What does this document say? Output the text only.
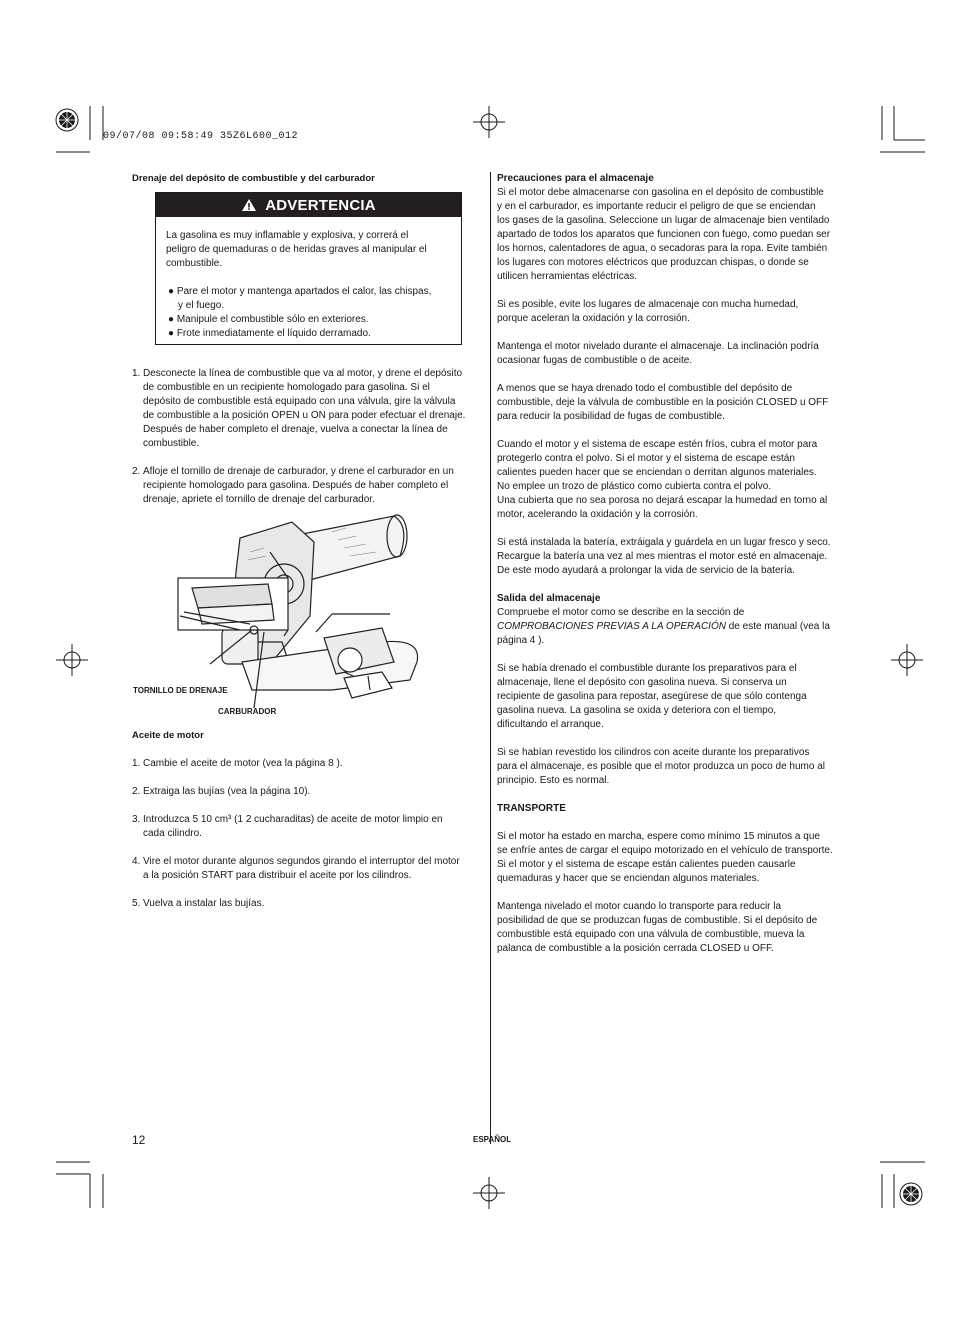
09/07/08 09:58:49 35Z6L600_012
Drenaje del depósito de combustible y del carburador
ADVERTENCIA

La gasolina es muy inflamable y explosiva, y correrá el

peligro de quemaduras o de heridas graves al manipular el

combustible.

● Pare el motor y mantenga apartados el calor, las chispas,

y el fuego.

● Manipule el combustible sólo en exteriores.

● Frote inmediatamente el líquido derramado.

1. Desconecte la línea de combustible que va al motor, y drene el depósito

de combustible en un recipiente homologado para gasolina. Si el

depósito de combustible está equipado con una válvula, gire la válvula

de combustible a la posición OPEN u ON para poder efectuar el drenaje.

Después de haber completo el drenaje, vuelva a conectar la línea de

combustible.

2. Afloje el tornillo de drenaje de carburador, y drene el carburador en un

recipiente homologado para gasolina. Después de haber completo el

drenaje, apriete el tornillo de drenaje del carburador.

TORNILLO DE DRENAJE
CARBURADOR
Aceite de motor
1. Cambie el aceite de motor (vea la página 8 ).

2. Extraiga las bujías (vea la página 10).

3. Introduzca 5 10 cm³ (1 2 cucharaditas) de aceite de motor limpio en

cada cilindro.

4. Vire el motor durante algunos segundos girando el interruptor del motor

a la posición START para distribuir el aceite por los cilindros.

5. Vuelva a instalar las bujías.

Precauciones para el almacenaje

Si el motor debe almacenarse con gasolina en el depósito de combustible

y en el carburador, es importante reducir el peligro de que se enciendan

los gases de la gasolina. Seleccione un lugar de almacenaje bien ventilado

apartado de todos los aparatos que funcionen con fuego, como puedan ser

los hornos, calentadores de agua, o secadoras para la ropa. Evite también

los lugares con motores eléctricos que produzcan chispas, o donde se

utilicen herramientas eléctricas.

Si es posible, evite los lugares de almacenaje con mucha humedad,

porque aceleran la oxidación y la corrosión.

Mantenga el motor nivelado durante el almacenaje. La inclinación podría

ocasionar fugas de combustible o de aceite.

A menos que se haya drenado todo el combustible del depósito de

combustible, deje la válvula de combustible en la posición CLOSED u OFF

para reducir la posibilidad de fugas de combustible.

Cuando el motor y el sistema de escape estén fríos, cubra el motor para

protegerlo contra el polvo. Si el motor y el sistema de escape están

calientes pueden hacer que se enciendan o derritan algunos materiales.

No emplee un trozo de plástico como cubierta contra el polvo.

Una cubierta que no sea porosa no dejará escapar la humedad en torno al

motor, acelerando la oxidación y la corrosión.

Si está instalada la batería, extráigala y guárdela en un lugar fresco y seco.

Recargue la batería una vez al mes mientras el motor esté en almacenaje.

De este modo ayudará a prolongar la vida de servicio de la batería.

Salida del almacenaje

Compruebe el motor como se describe en la sección de

COMPROBACIONES PREVIAS A LA OPERACIÓN de este manual (vea la

página 4 ).

Si se había drenado el combustible durante los preparativos para el

almacenaje, llene el depósito con gasolina nueva. Si conserva un

recipiente de gasolina para repostar, asegúrese de que sólo contenga

gasolina nueva. La gasolina se oxida y deteriora con el tiempo,

dificultando el arranque.

Si se habían revestido los cilindros con aceite durante los preparativos

para el almacenaje, es posible que el motor produzca un poco de humo al

principio. Esto es normal.

TRANSPORTE

Si el motor ha estado en marcha, espere como mínimo 15 minutos a que

se enfríe antes de cargar el equipo motorizado en el vehículo de transporte.

Si el motor y el sistema de escape están calientes pueden causarle

quemaduras y hacer que se enciendan algunos materiales.

Mantenga nivelado el motor cuando lo transporte para reducir la

posibilidad de que se produzcan fugas de combustible. Si el depósito de

combustible está equipado con una válvula de combustible, mueva la

palanca de combustible a la posición cerrada CLOSED u OFF.

12	ESPAÑOL
